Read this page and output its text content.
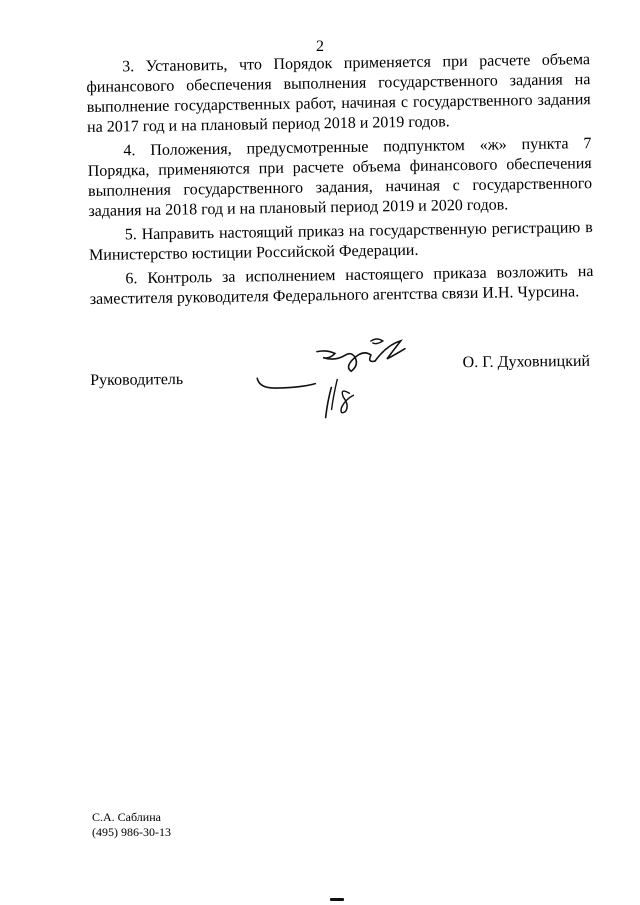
2

3. Установить, что Порядок применяется при расчете объема финансового обеспечения выполнения государственного задания на выполнение государственных работ, начиная с государственного задания на 2017 год и на плановый период 2018 и 2019 годов.

4. Положения, предусмотренные подпунктом «ж» пункта 7 Порядка, применяются при расчете объема финансового обеспечения выполнения государственного задания, начиная с государственного задания на 2018 год и на плановый период 2019 и 2020 годов.

5. Направить настоящий приказ на государственную регистрацию в Министерство юстиции Российской Федерации.

6. Контроль за исполнением настоящего приказа возложить на заместителя руководителя Федерального агентства связи И.Н. Чурсина.

Руководитель
О. Г. Духовницкий
С.А. Саблина
(495) 986-30-13
